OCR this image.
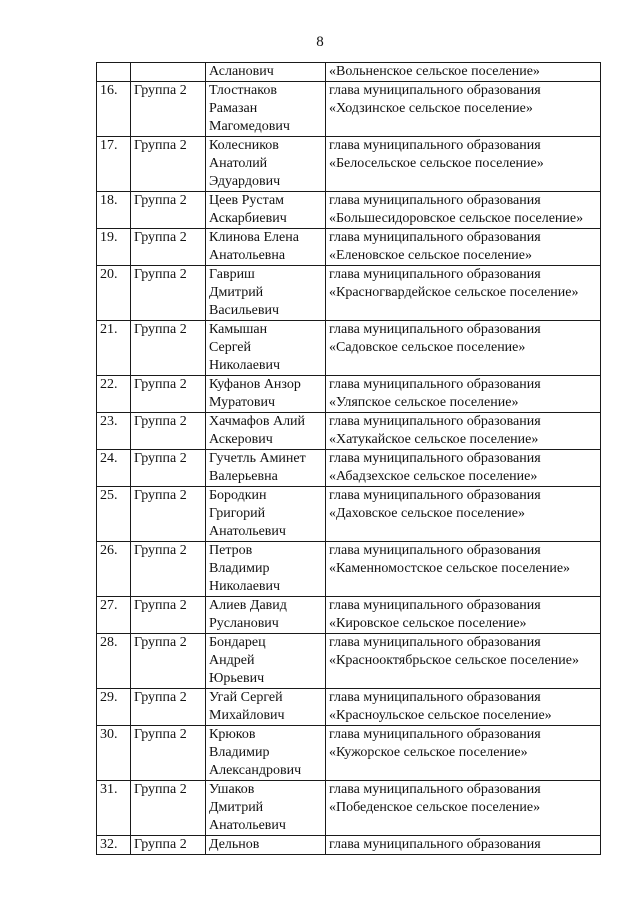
8

		Асланович	«Вольненское сельское поселение»

16.	Группа 2	Тлостнаков
Рамазан
Магомедович	глава муниципального образования «Ходзинское сельское поселение»

17.	Группа 2	Колесников
Анатолий
Эдуардович	глава муниципального образования «Белосельское сельское поселение»

18.	Группа 2	Цеев Рустам
Аскарбиевич	глава муниципального образования «Большесидоровское сельское поселение»

19.	Группа 2	Клинова Елена
Анатольевна	глава муниципального образования «Еленовское сельское поселение»

20.	Группа 2	Гавриш
Дмитрий
Васильевич	глава муниципального образования «Красногвардейское сельское поселение»

21.	Группа 2	Камышан
Сергей
Николаевич	глава муниципального образования «Садовское сельское поселение»

22.	Группа 2	Куфанов Анзор
Муратович	глава муниципального образования «Уляпское сельское поселение»

23.	Группа 2	Хачмафов Алий
Аскерович	глава муниципального образования «Хатукайское сельское поселение»

24.	Группа 2	Гучетль Аминет
Валерьевна	глава муниципального образования «Абадзехское сельское поселение»

25.	Группа 2	Бородкин
Григорий
Анатольевич	глава муниципального образования «Даховское сельское поселение»

26.	Группа 2	Петров
Владимир
Николаевич	глава муниципального образования «Каменномостское сельское поселение»

27.	Группа 2	Алиев Давид
Русланович	глава муниципального образования «Кировское сельское поселение»

28.	Группа 2	Бондарец
Андрей
Юрьевич	глава муниципального образования «Краснооктябрьское сельское поселение»

29.	Группа 2	Угай Сергей
Михайлович	глава муниципального образования «Красноульское сельское поселение»

30.	Группа 2	Крюков
Владимир
Александрович	глава муниципального образования «Кужорское сельское поселение»

31.	Группа 2	Ушаков
Дмитрий
Анатольевич	глава муниципального образования «Победенское сельское поселение»

32.	Группа 2	Дельнов	глава муниципального образования
